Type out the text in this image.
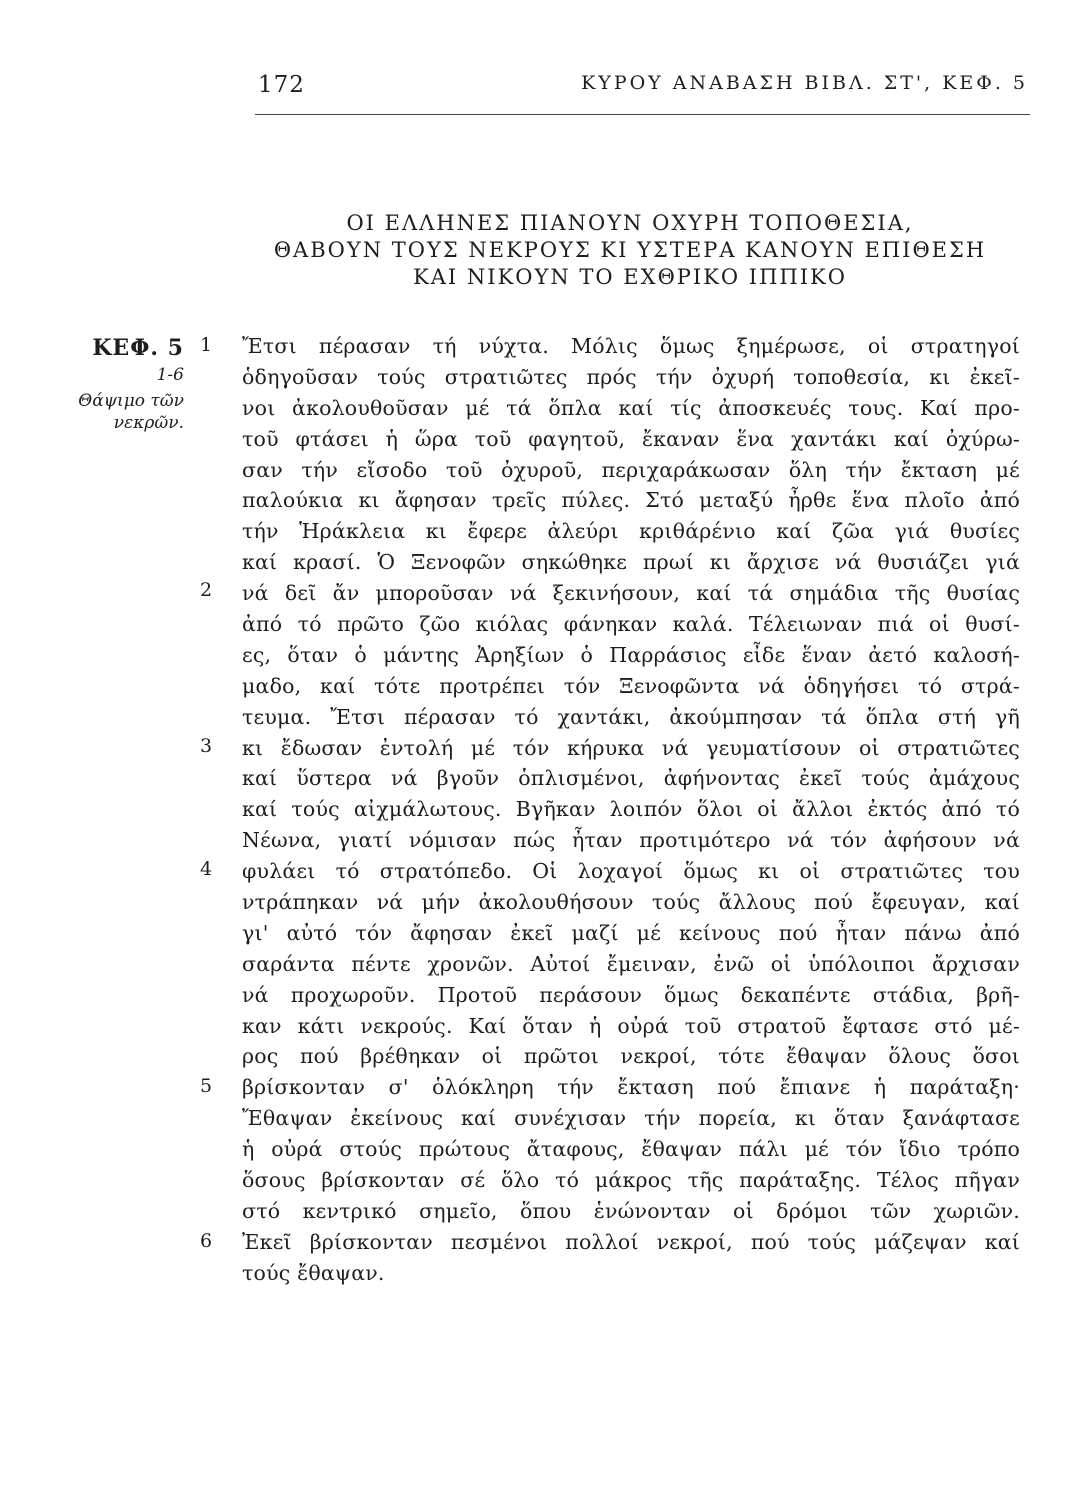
172	ΚΥΡΟΥ ΑΝΑΒΑΣΗ ΒΙΒΛ. ΣΤ', ΚΕΦ. 5
ΟΙ ΕΛΛΗΝΕΣ ΠΙΑΝΟΥΝ ΟΧΥΡΗ ΤΟΠΟΘΕΣΙΑ,
ΘΑΒΟΥΝ ΤΟΥΣ ΝΕΚΡΟΥΣ ΚΙ ΥΣΤΕΡΑ ΚΑΝΟΥΝ ΕΠΙΘΕΣΗ
ΚΑΙ ΝΙΚΟΥΝ ΤΟ ΕΧΘΡΙΚΟ ΙΠΠΙΚΟ
ΚΕΦ. 5
1-6
Θάψιμο τῶν
νεκρῶν.
1
2
3
4
5
6
Ἔτσι πέρασαν τή νύχτα. Μόλις ὅμως ξημέρωσε, οἱ στρατηγοί
ὁδηγοῦσαν τούς στρατιῶτες πρός τήν ὀχυρή τοποθεσία, κι ἐκεῖ-
νοι ἀκολουθοῦσαν μέ τά ὅπλα καί τίς ἀποσκευές τους. Καί προ-
τοῦ φτάσει ἡ ὥρα τοῦ φαγητοῦ, ἔκαναν ἕνα χαντάκι καί ὀχύρω-
σαν τήν εἴσοδο τοῦ ὀχυροῦ, περιχαράκωσαν ὅλη τήν ἔκταση μέ
παλούκια κι ἄφησαν τρεῖς πύλες. Στό μεταξύ ἦρθε ἕνα πλοῖο ἀπό
τήν Ἡράκλεια κι ἔφερε ἀλεύρι κριθάρένιο καί ζῶα γιά θυσίες
καί κρασί. Ὁ Ξενοφῶν σηκώθηκε πρωί κι ἄρχισε νά θυσιάζει γιά
νά δεῖ ἄν μποροῦσαν νά ξεκινήσουν, καί τά σημάδια τῆς θυσίας
ἀπό τό πρῶτο ζῶο κιόλας φάνηκαν καλά. Τέλειωναν πιά οἱ θυσί-
ες, ὅταν ὁ μάντης Ἀρηξίων ὁ Παρράσιος εἶδε ἕναν ἀετό καλοσή-
μαδο, καί τότε προτρέπει τόν Ξενοφῶντα νά ὁδηγήσει τό στρά-
τευμα. Ἔτσι πέρασαν τό χαντάκι, ἀκούμπησαν τά ὅπλα στή γῆ
κι ἔδωσαν ἐντολή μέ τόν κήρυκα νά γευματίσουν οἱ στρατιῶτες
καί ὕστερα νά βγοῦν ὁπλισμένοι, ἀφήνοντας ἐκεῖ τούς ἀμάχους
καί τούς αἰχμάλωτους. Βγῆκαν λοιπόν ὅλοι οἱ ἄλλοι ἐκτός ἀπό τό
Νέωνα, γιατί νόμισαν πώς ἦταν προτιμότερο νά τόν ἀφήσουν νά
φυλάει τό στρατόπεδο. Οἱ λοχαγοί ὅμως κι οἱ στρατιῶτες του
ντράπηκαν νά μήν ἀκολουθήσουν τούς ἄλλους πού ἔφευγαν, καί
γι' αὐτό τόν ἄφησαν ἐκεῖ μαζί μέ κείνους πού ἦταν πάνω ἀπό
σαράντα πέντε χρονῶν. Αὐτοί ἔμειναν, ἐνῶ οἱ ὑπόλοιποι ἄρχισαν
νά προχωροῦν. Προτοῦ περάσουν ὅμως δεκαπέντε στάδια, βρῆ-
καν κάτι νεκρούς. Καί ὅταν ἡ οὐρά τοῦ στρατοῦ ἔφτασε στό μέ-
ρος πού βρέθηκαν οἱ πρῶτοι νεκροί, τότε ἔθαψαν ὅλους ὅσοι
βρίσκονταν σ' ὁλόκληρη τήν ἔκταση πού ἔπιανε ἡ παράταξη·
Ἔθαψαν ἐκείνους καί συνέχισαν τήν πορεία, κι ὅταν ξανάφτασε
ἡ οὐρά στούς πρώτους ἄταφους, ἔθαψαν πάλι μέ τόν ἴδιο τρόπο
ὅσους βρίσκονταν σέ ὅλο τό μάκρος τῆς παράταξης. Τέλος πῆγαν
στό κεντρικό σημεῖο, ὅπου ἑνώνονταν οἱ δρόμοι τῶν χωριῶν.
Ἐκεῖ βρίσκονταν πεσμένοι πολλοί νεκροί, πού τούς μάζεψαν καί
τούς ἔθαψαν.
